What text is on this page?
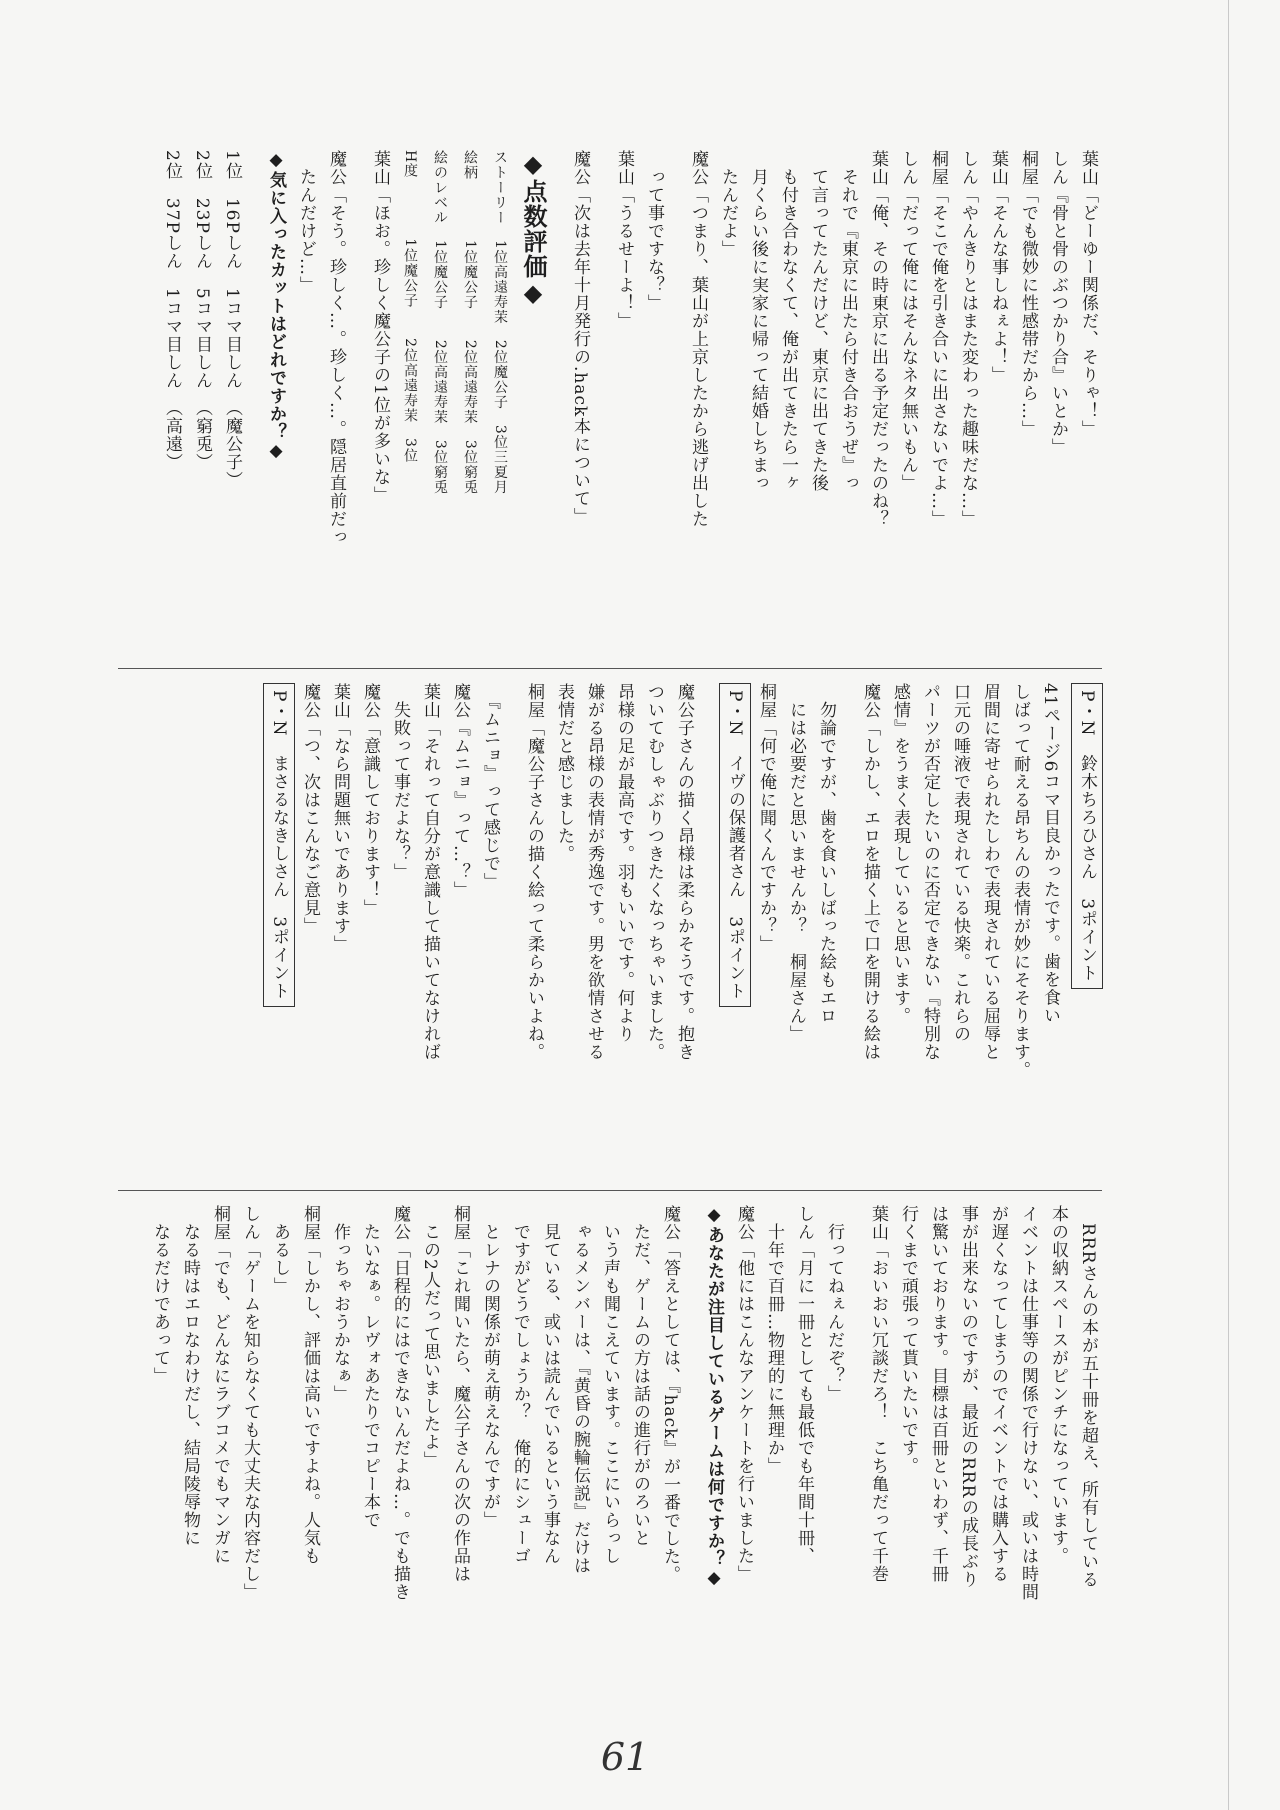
葉山「どーゆー関係だ、そりゃ！」

しん『骨と骨のぶつかり合』いとか」

桐屋「でも微妙に性感帯だから…」

葉山「そんな事しねぇよ！」

しん「やんきりとはまた変わった趣味だな…」

桐屋「そこで俺を引き合いに出さないでよ…」

しん「だって俺にはそんなネタ無いもん」

葉山「俺、その時東京に出る予定だったのね？

　それで『東京に出たら付き合おうぜ』っ

　て言ってたんだけど、東京に出てきた後

　も付き合わなくて、俺が出てきたら一ヶ

　月くらい後に実家に帰って結婚しちまっ

　たんだよ」

魔公「つまり、葉山が上京したから逃げ出した

　って事ですな？」

葉山「うるせーよ！」

魔公「次は去年十月発行の.hack本について」

◆点数評価◆

ストーリー　1位高遠寿茉　2位魔公子　3位三夏月

絵柄　　　　1位魔公子　　2位高遠寿茉　3位窮兎

絵のレベル　1位魔公子　　2位高遠寿茉　3位窮兎

H度　　　　1位魔公子　　2位高遠寿茉　3位

葉山「ほお。珍しく魔公子の1位が多いな」

魔公「そう。珍しく…。珍しく…。隠居直前だっ

　たんだけど…」

◆気に入ったカットはどれですか？◆

1位　16Pしん　1コマ目しん　（魔公子）

2位　23Pしん　5コマ目しん　（窮兎）

2位　37Pしん　1コマ目しん　（高遠）

P・N　鈴木ちろひさん　3ポイント

41ページ6コマ目良かったです。歯を食い

しばって耐える昂ちんの表情が妙にそそります。

眉間に寄せられたしわで表現されている屈辱と

口元の唾液で表現されている快楽。これらの

パーツが否定したいのに否定できない『特別な

感情』をうまく表現していると思います。

魔公「しかし、エロを描く上で口を開ける絵は

　勿論ですが、歯を食いしばった絵もエロ

　には必要だと思いませんか？　桐屋さん」

桐屋「何で俺に聞くんですか？」

P・N　イヴの保護者さん　3ポイント

魔公子さんの描く昂様は柔らかそうです。抱き

ついてむしゃぶりつきたくなっちゃいました。

昂様の足が最高です。羽もいいです。何より

嫌がる昂様の表情が秀逸です。男を欲情させる

表情だと感じました。

桐屋「魔公子さんの描く絵って柔らかいよね。

　『ムニョ』って感じで」

魔公『ムニョ』って…？」

葉山「それって自分が意識して描いてなければ

　失敗って事だよな？」

魔公「意識しております！」

葉山「なら問題無いであります」

魔公「つ、次はこんなご意見」

P・N　まさるなきしさん　3ポイント

　RRRさんの本が五十冊を超え、所有している

本の収納スペースがピンチになっています。

イベントは仕事等の関係で行けない、或いは時間

が遅くなってしまうのでイベントでは購入する

事が出来ないのですが、最近のRRRの成長ぶり

は驚いております。目標は百冊といわず、千冊

行くまで頑張って貰いたいです。

葉山「おいおい冗談だろ！　こち亀だって千巻

　行ってねぇんだぞ？」

しん「月に一冊としても最低でも年間十冊、

　十年で百冊…物理的に無理か」

魔公「他にはこんなアンケートを行いました」

◆あなたが注目しているゲームは何ですか？◆

魔公「答えとしては、『hack』が一番でした。

　ただ、ゲームの方は話の進行がのろいと

　いう声も聞こえています。ここにいらっし

　ゃるメンバーは、『黄昏の腕輪伝説』だけは

　見ている、或いは読んでいるという事なん

　ですがどうでしょうか？　俺的にシューゴ

　とレナの関係が萌え萌えなんですが」

桐屋「これ聞いたら、魔公子さんの次の作品は

　この2人だって思いましたよ」

魔公「日程的にはできないんだよね…。でも描き

　たいなぁ。レヴォあたりでコピー本で

　作っちゃおうかなぁ」

桐屋「しかし、評価は高いですよね。人気も

　あるし」

しん「ゲームを知らなくても大丈夫な内容だし」

桐屋「でも、どんなにラブコメでもマンガに

　なる時はエロなわけだし、結局陵辱物に

　なるだけであって」

61
